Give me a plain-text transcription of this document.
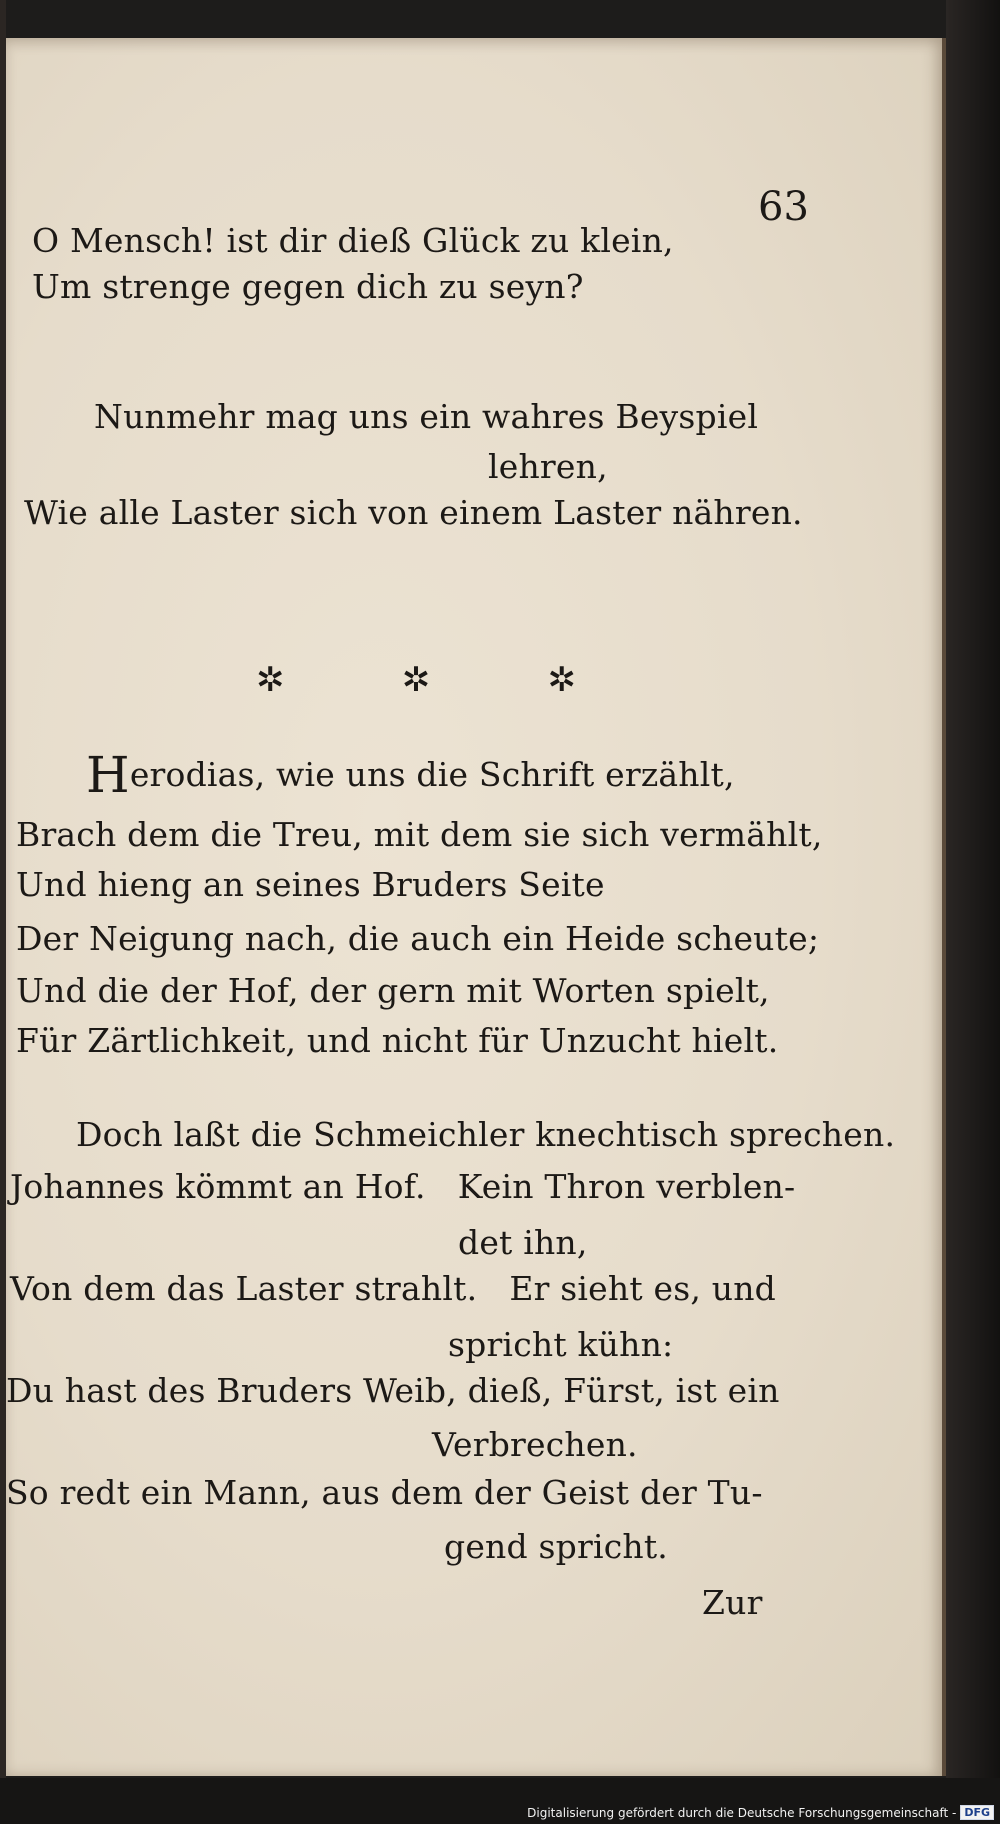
63
O Mensch! ist dir dieß Glück zu klein,
Um strenge gegen dich zu seyn?
Nunmehr mag uns ein wahres Beyspiel
lehren,
Wie alle Laster sich von einem Laster nähren.
✲	✲	✲
Herodias, wie uns die Schrift erzählt,
Brach dem die Treu, mit dem sie sich vermählt,
Und hieng an seines Bruders Seite
Der Neigung nach, die auch ein Heide scheute;
Und die der Hof, der gern mit Worten spielt,
Für Zärtlichkeit, und nicht für Unzucht hielt.
Doch laßt die Schmeichler knechtisch sprechen.
Johannes kömmt an Hof.   Kein Thron verblen-
det ihn,
Von dem das Laster strahlt.   Er sieht es, und
spricht kühn:
Du hast des Bruders Weib, dieß, Fürst, ist ein
Verbrechen.
So redt ein Mann, aus dem der Geist der Tu-
gend spricht.
Zur
Digitalisierung gefördert durch die Deutsche Forschungsgemeinschaft - DFG
